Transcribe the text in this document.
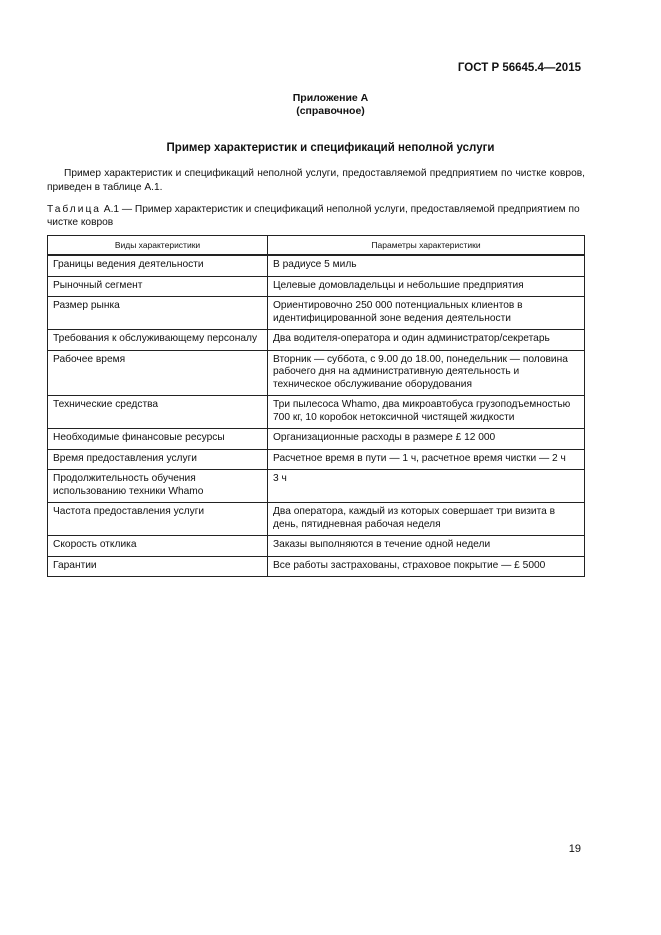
ГОСТ Р 56645.4—2015
Приложение А
(справочное)
Пример характеристик и спецификаций неполной услуги
Пример характеристик и спецификаций неполной услуги, предоставляемой предприятием по чистке ковров, приведен в таблице А.1.
Таблица А.1 — Пример характеристик и спецификаций неполной услуги, предоставляемой предприятием по чистке ковров
Виды характеристики	Параметры характеристики
Границы ведения деятельности	В радиусе 5 миль
Рыночный сегмент	Целевые домовладельцы и небольшие предприятия
Размер рынка	Ориентировочно 250 000 потенциальных клиентов в идентифицированной зоне ведения деятельности
Требования к обслуживающему персоналу	Два водителя-оператора и один администратор/секретарь
Рабочее время	Вторник — суббота, с 9.00 до 18.00, понедельник — половина рабочего дня на административную деятельность и техническое обслуживание оборудования
Технические средства	Три пылесоса Whamo, два микроавтобуса грузоподъемностью 700 кг, 10 коробок нетоксичной чистящей жидкости
Необходимые финансовые ресурсы	Организационные расходы в размере £ 12 000
Время предоставления услуги	Расчетное время в пути — 1 ч, расчетное время чистки — 2 ч
Продолжительность обучения использованию техники Whamo	3 ч
Частота предоставления услуги	Два оператора, каждый из которых совершает три визита в день, пятидневная рабочая неделя
Скорость отклика	Заказы выполняются в течение одной недели
Гарантии	Все работы застрахованы, страховое покрытие — £ 5000
19
